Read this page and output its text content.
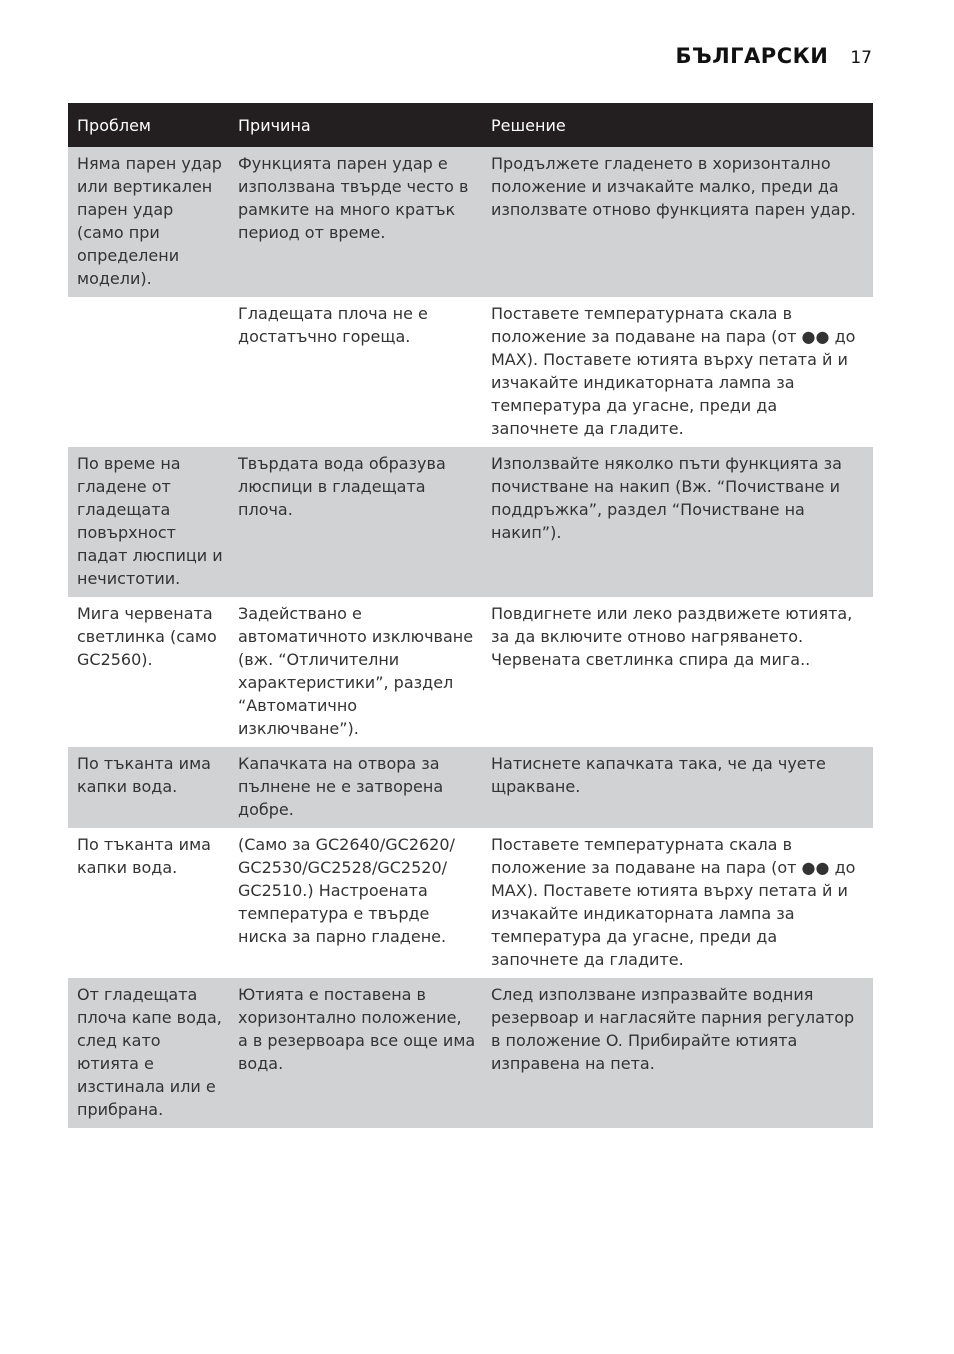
БЪЛГАРСКИ 17
Проблем	Причина	Решение
Няма парен удар или вертикален парен удар (само при определени модели).	Функцията парен удар е използвана твърде често в рамките на много кратък период от време.	Продължете гладенето в хоризонтално положение и изчакайте малко, преди да използвате отново функцията парен удар.
	Гладещата плоча не е достатъчно гореща.	Поставете температурната скала в положение за подаване на пара (от ●● до MAX). Поставете ютията върху петата й и изчакайте индикаторната лампа за температура да угасне, преди да започнете да гладите.
По време на гладене от гладещата повърхност падат люспици и нечистотии.	Твърдата вода образува люспици в гладещата плоча.	Използвайте няколко пъти функцията за почистване на накип (Вж. “Почистване и поддръжка”, раздел “Почистване на накип”).
Мига червената светлинка (само GC2560).	Задействано е автоматичното изключване (вж. “Отличителни характеристики”, раздел “Автоматично изключване”).	Повдигнете или леко раздвижете ютията, за да включите отново нагряването. Червената светлинка спира да мига..
По тъканта има капки вода.	Капачката на отвора за пълнене не е затворена добре.	Натиснете капачката така, че да чуете щракване.
По тъканта има капки вода.	(Само за GC2640/GC2620/ GC2530/GC2528/GC2520/ GC2510.) Настроената температура е твърде ниска за парно гладене.	Поставете температурната скала в положение за подаване на пара (от ●● до MAX). Поставете ютията върху петата й и изчакайте индикаторната лампа за температура да угасне, преди да започнете да гладите.
От гладещата плоча капе вода, след като ютията е изстинала или е прибрана.	Ютията е поставена в хоризонтално положение, а в резервоара все още има вода.	След използване изпразвайте водния резервоар и нагласяйте парния регулатор в положение O. Прибирайте ютията изправена на пета.
